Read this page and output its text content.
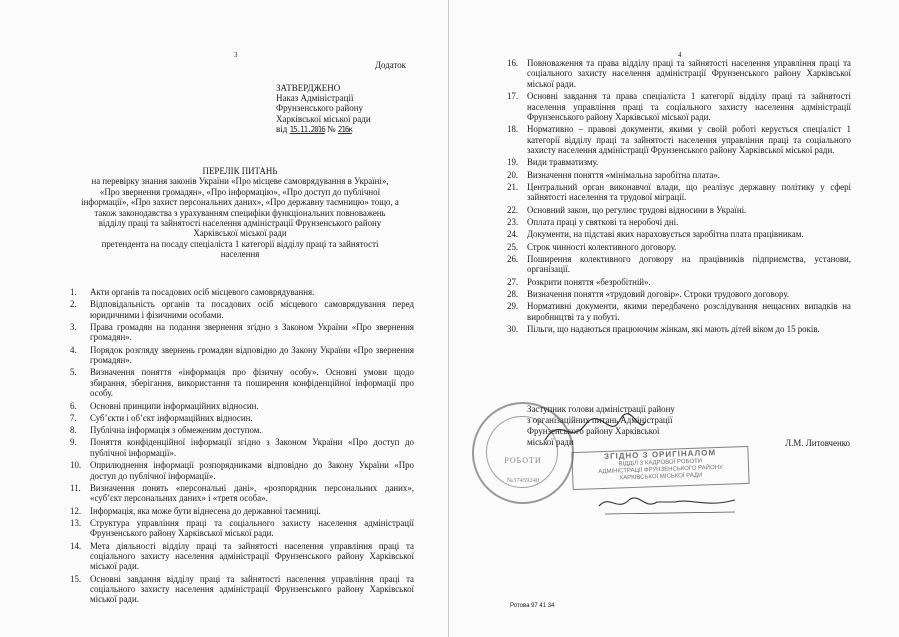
3
Додаток
ЗАТВЕРДЖЕНО
Наказ Адміністрації
Фрунзенського району
Харківської міської ради
від 15.11.2016 № 216к
ПЕРЕЛІК ПИТАНЬ
на перевірку знання законів України «Про місцеве самоврядування в Україні»,
«Про звернення громадян», «Про інформацію», «Про доступ до публічної
інформації», «Про захист персональних даних», «Про державну таємницю» тощо, а
також законодавства з урахуванням специфіки функціональних повноважень
відділу праці та зайнятості населення адміністрації Фрунзенського району
Харківської міської ради
претендента на посаду спеціаліста 1 категорії відділу праці та зайнятості
населення
1. Акти органів та посадових осіб місцевого самоврядування.
2. Відповідальність органів та посадових осіб місцевого самоврядування перед юридичними і фізичними особами.
3. Права громадян на подання звернення згідно з Законом України «Про звернення громадян».
4. Порядок розгляду звернень громадян відповідно до Закону України «Про звернення громадян».
5. Визначення поняття «інформація про фізичну особу». Основні умови щодо збирання, зберігання, використання та поширення конфіденційної інформації про особу.
6. Основні принципи інформаційних відносин.
7. Суб’єкти і об’єкт інформаційних відносин.
8. Публічна інформація з обмеженим доступом.
9. Поняття конфіденційної інформації згідно з Законом України «Про доступ до публічної інформації».
10. Оприлюднення інформації розпорядниками відповідно до Закону України «Про доступ до публічної інформації».
11. Визначення понять «персональні дані», «розпорядник персональних даних», «суб’єкт персональних даних» і «третя особа».
12. Інформація, яка може бути віднесена до державної таємниці.
13. Структура управління праці та соціального захисту населення адміністрації Фрунзенського району Харківської міської ради.
14. Мета діяльності відділу праці та зайнятості населення управління праці та соціального захисту населення адміністрації Фрунзенського району Харківської міської ради.
15. Основні завдання відділу праці та зайнятості населення управління праці та соціального захисту населення адміністрації Фрунзенського району Харківської міської ради.
4
16. Повноваження та права відділу праці та зайнятості населення управління праці та соціального захисту населення адміністрації Фрунзенського району Харківської міської ради.
17. Основні завдання та права спеціаліста 1 категорії відділу праці та зайнятості населення управління праці та соціального захисту населення адміністрації Фрунзенського району Харківської міської ради.
18. Нормативно – правові документи, якими у своїй роботі керується спеціаліст 1 категорії відділу праці та зайнятості населення управління праці та соціального захисту населення адміністрації Фрунзенського району Харківської міської ради.
19. Види травматизму.
20. Визначення поняття «мінімальна заробітна плата».
21. Центральний орган виконавчої влади, що реалізує державну політику у сфері зайнятості населення та трудової міграції.
22. Основний закон, що регулює трудові відносини в Україні.
23. Оплата праці у святкові та неробочі дні.
24. Документи, на підставі яких нараховується заробітна плата працівникам.
25. Строк чинності колективного договору.
26. Поширення колективного договору на працівників підприємства, установи, організації.
27. Розкрити поняття «безробітній».
28. Визначення поняття «трудовий договір». Строки трудового договору.
29. Нормативні документи, якими передбачено розслідування нещасних випадків на виробництві та у побуті.
30. Пільги, що надаються працюючим жінкам, які мають дітей віком до 15 років.
РОБОТИ
№37459240
ЗГІДНО З ОРИГІНАЛОМ
ВІДДІЛ З КАДРОВОЇ РОБОТИ
АДМІНІСТРАЦІЇ ФРУНЗЕНСЬКОГО РАЙОНУ
ХАРКІВСЬКОЇ МІСЬКОЇ РАДИ
Заступник голови адміністрації району
з організаційних питань Адміністрації
Фрунзенського району Харківської
міської ради	Л.М. Литовченко
Ротова 97 41 34
